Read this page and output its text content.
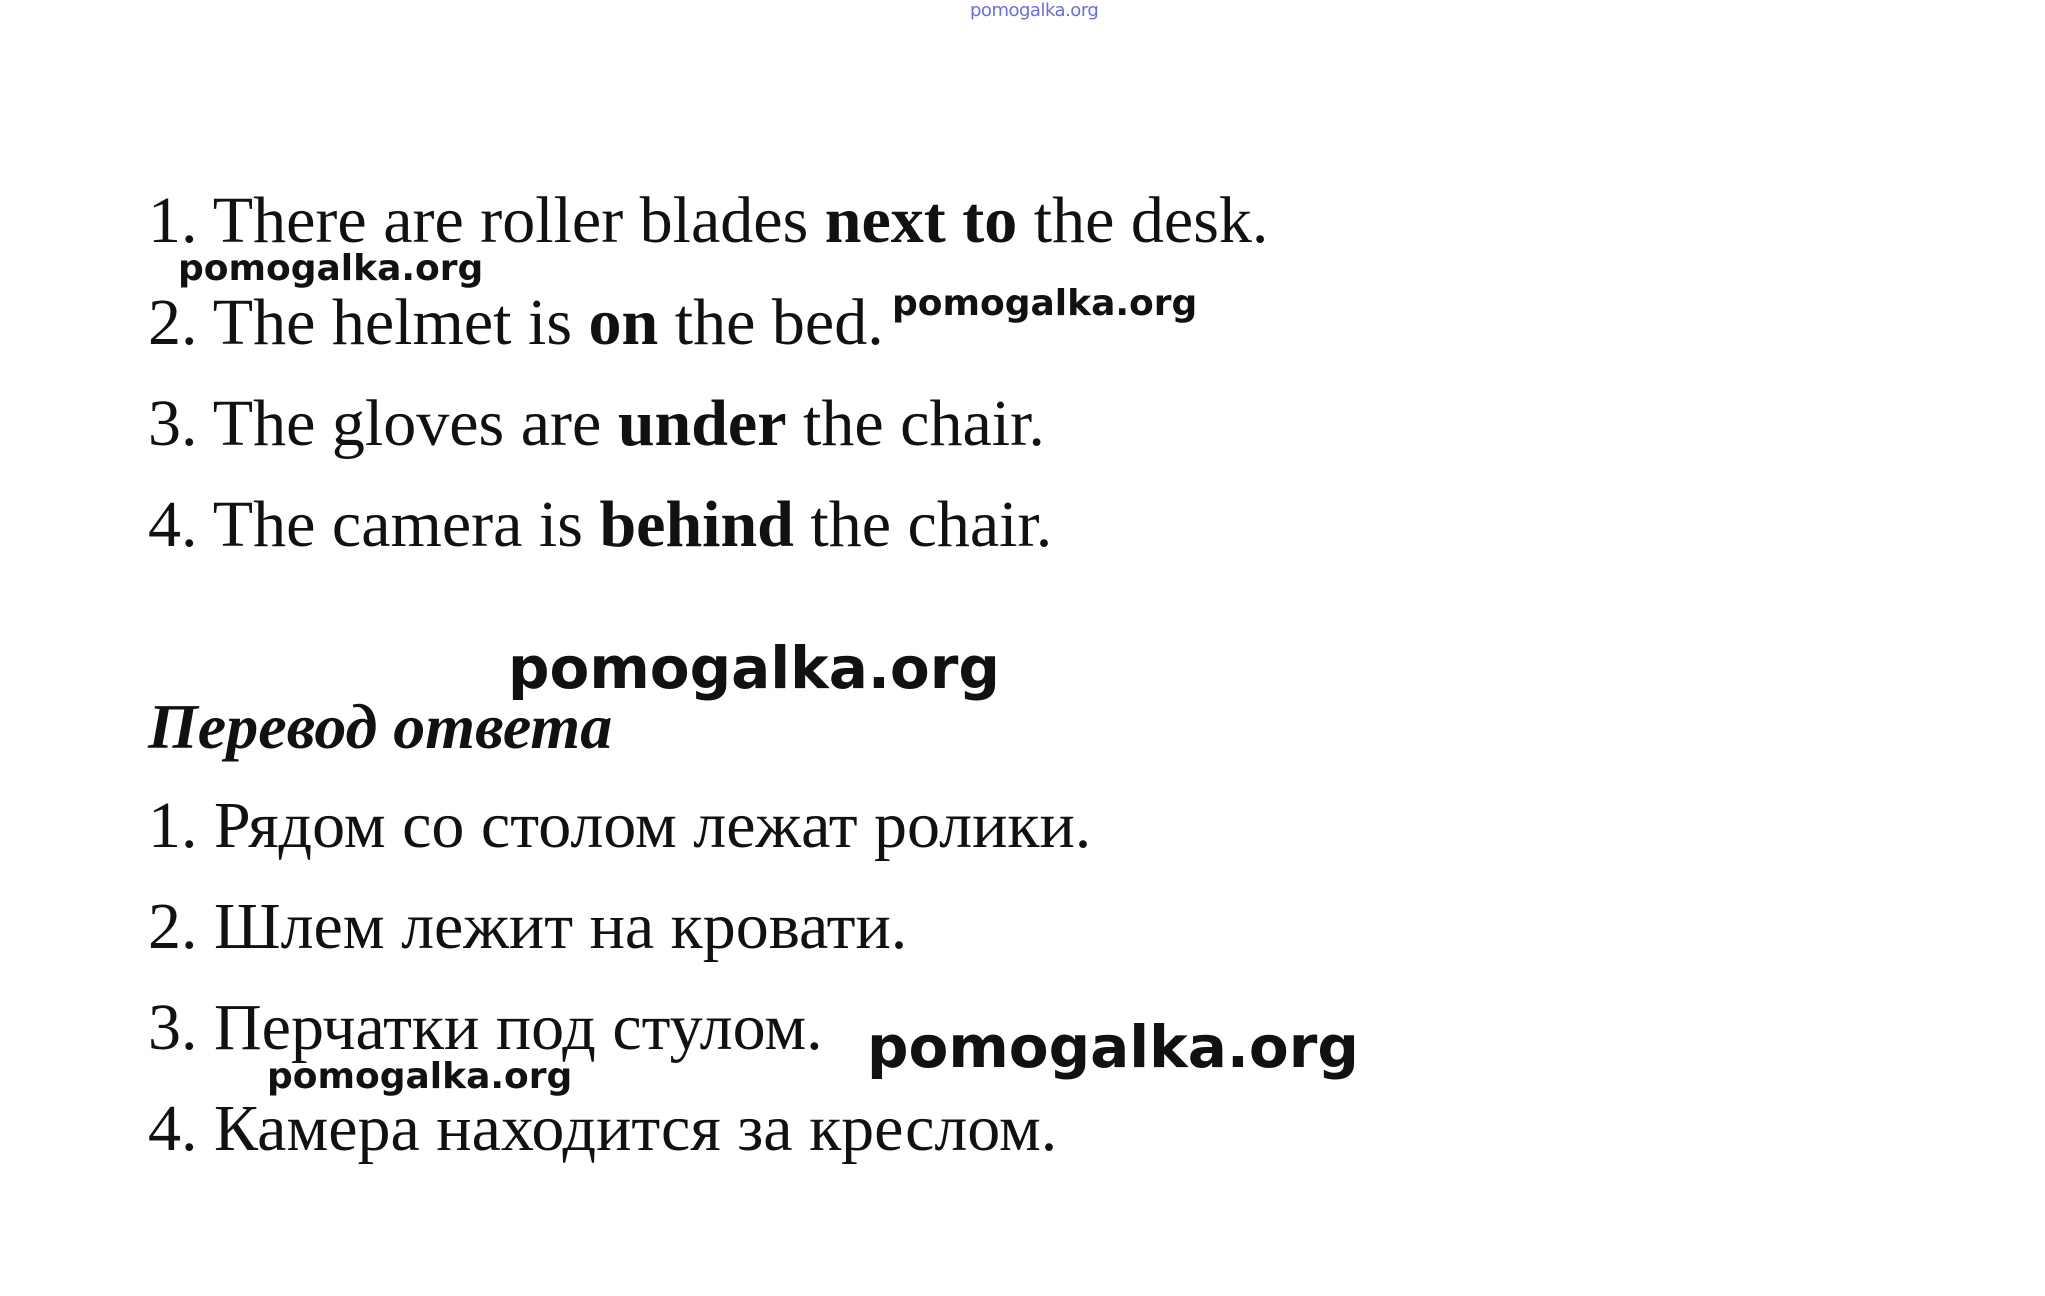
pomogalka.org
1. There are roller blades next to the desk.
2. The helmet is on the bed.
3. The gloves are under the chair.
4. The camera is behind the chair.
Перевод ответа
1. Рядом со столом лежат ролики.
2. Шлем лежит на кровати.
3. Перчатки под стулом.
4. Камера находится за креслом.
pomogalka.org
pomogalka.org
pomogalka.org
pomogalka.org
pomogalka.org
